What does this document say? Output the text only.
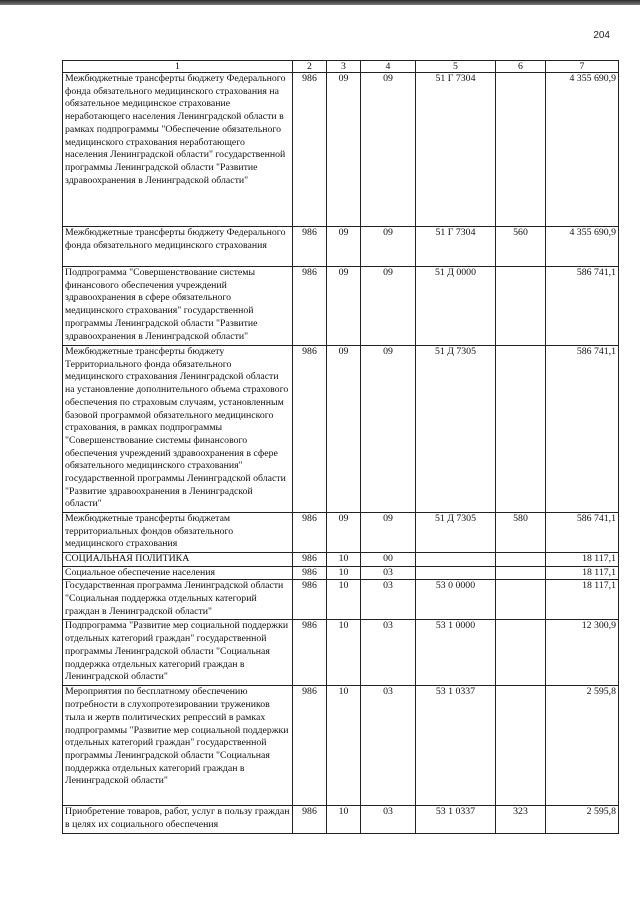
204
1	2	3	4	5	6	7
Межбюджетные трансферты бюджету Федерального фонда обязательного медицинского страхования на обязательное медицинское страхование неработающего населения Ленинградской области в рамках подпрограммы "Обеспечение обязательного медицинского страхования неработающего населения Ленинградской области" государственной программы Ленинградской области "Развитие здравоохранения в Ленинградской области"	986	09	09	51 Г 7304		4 355 690,9
Межбюджетные трансферты бюджету Федерального фонда обязательного медицинского страхования	986	09	09	51 Г 7304	560	4 355 690,9
Подпрограмма "Совершенствование системы финансового обеспечения учреждений здравоохранения в сфере обязательного медицинского страхования" государственной программы Ленинградской области "Развитие здравоохранения в Ленинградской области"	986	09	09	51 Д 0000		586 741,1
Межбюджетные трансферты бюджету Территориального фонда обязательного медицинского страхования Ленинградской области на установление дополнительного объема страхового обеспечения по страховым случаям, установленным базовой программой обязательного медицинского страхования, в рамках подпрограммы "Совершенствование системы финансового обеспечения учреждений здравоохранения в сфере обязательного медицинского страхования" государственной программы Ленинградской области "Развитие здравоохранения в Ленинградской области"	986	09	09	51 Д 7305		586 741,1
Межбюджетные трансферты бюджетам территориальных фондов обязательного медицинского страхования	986	09	09	51 Д 7305	580	586 741,1
СОЦИАЛЬНАЯ ПОЛИТИКА	986	10	00			18 117,1
Социальное обеспечение населения	986	10	03			18 117,1
Государственная программа Ленинградской области "Социальная поддержка отдельных категорий граждан в Ленинградской области"	986	10	03	53 0 0000		18 117,1
Подпрограмма "Развитие мер социальной поддержки отдельных категорий граждан" государственной программы Ленинградской области "Социальная поддержка отдельных категорий граждан в Ленинградской области"	986	10	03	53 1 0000		12 300,9
Мероприятия по бесплатному обеспечению потребности в слухопротезировании тружеников тыла и жертв политических репрессий в рамках подпрограммы "Развитие мер социальной поддержки отдельных категорий граждан" государственной программы Ленинградской области "Социальная поддержка отдельных категорий граждан в Ленинградской области"	986	10	03	53 1 0337		2 595,8
Приобретение товаров, работ, услуг в пользу граждан в целях их социального обеспечения	986	10	03	53 1 0337	323	2 595,8
